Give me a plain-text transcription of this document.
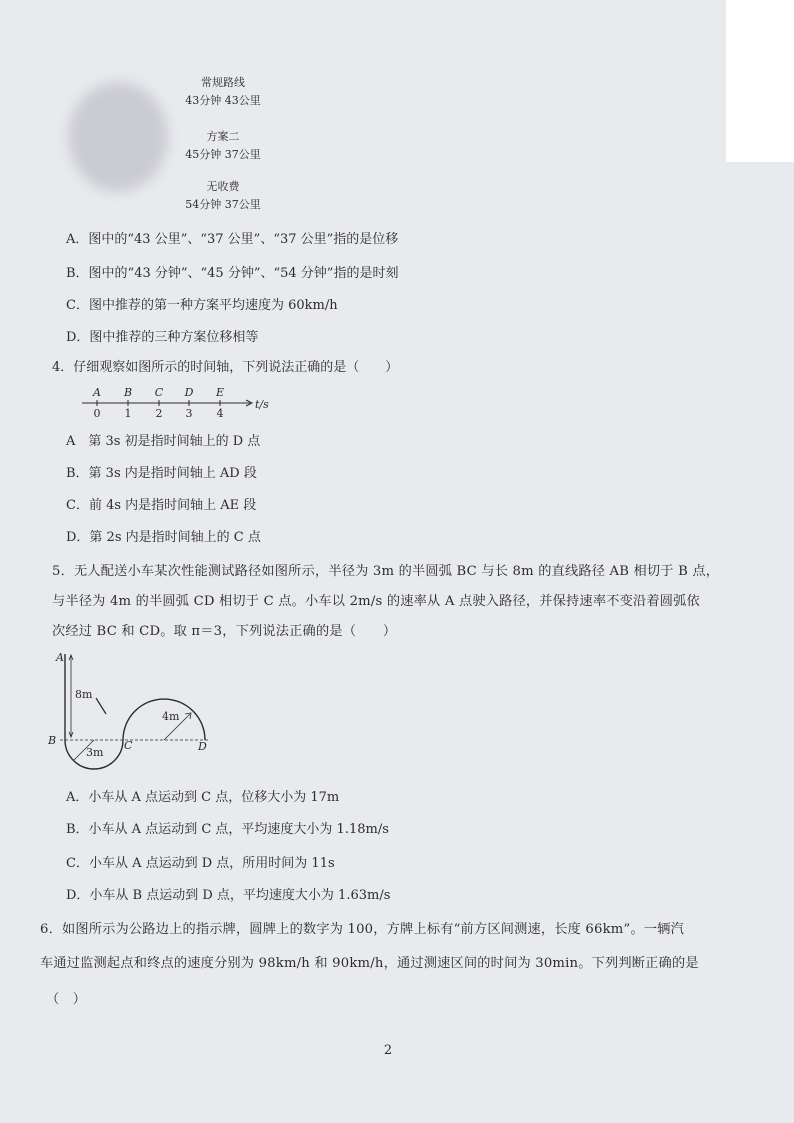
常规路线
43分钟 43公里
方案二
45分钟 37公里
无收费
54分钟 37公里
A．图中的“43 公里”、“37 公里”、“37 公里”指的是位移
B．图中的“43 分钟”、“45 分钟”、“54 分钟”指的是时刻
C．图中推荐的第一种方案平均速度为 60km/h
D．图中推荐的三种方案位移相等
4．仔细观察如图所示的时间轴，下列说法正确的是（　　）
A B C D E
0 1 2 3 4
t/s
A　第 3s 初是指时间轴上的 D 点
B．第 3s 内是指时间轴上 AD 段
C．前 4s 内是指时间轴上 AE 段
D．第 2s 内是指时间轴上的 C 点
5．无人配送小车某次性能测试路径如图所示，半径为 3m 的半圆弧 BC 与长 8m 的直线路径 AB 相切于 B 点，
与半径为 4m 的半圆弧 CD 相切于 C 点。小车以 2m/s 的速率从 A 点驶入路径，并保持速率不变沿着圆弧依
次经过 BC 和 CD。取 π＝3，下列说法正确的是（　　）
A
B	C	D
8m
3m
4m
A．小车从 A 点运动到 C 点，位移大小为 17m
B．小车从 A 点运动到 C 点，平均速度大小为 1.18m/s
C．小车从 A 点运动到 D 点，所用时间为 11s
D．小车从 B 点运动到 D 点，平均速度大小为 1.63m/s
6．如图所示为公路边上的指示牌，圆牌上的数字为 100，方牌上标有“前方区间测速，长度 66km”。一辆汽
车通过监测起点和终点的速度分别为 98km/h 和 90km/h，通过测速区间的时间为 30min。下列判断正确的是
（　）
2
